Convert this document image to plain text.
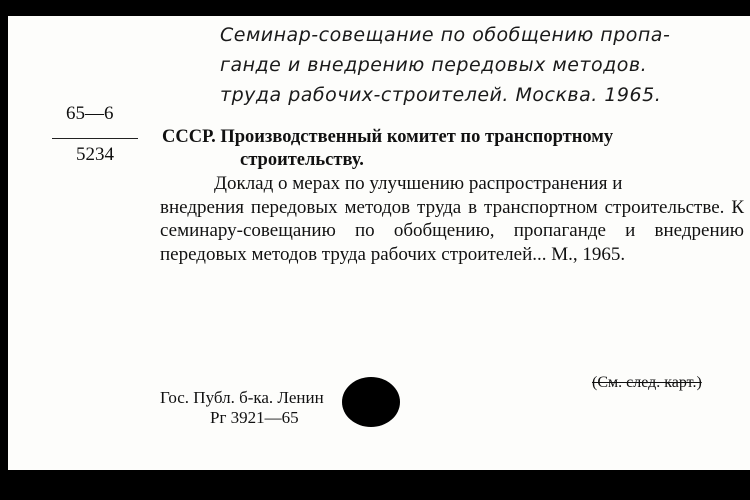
Семинар-совещание по обобщению пропа-
ганде и внедрению передовых методов.
труда рабочих-строителей. Москва. 1965.
65—6
5234
СССР. Производственный комитет по транспортному
строительству.
Доклад о мерах по улучшению распространения и
внедрения передовых методов труда в транспортном строительстве. К семинару-совещанию по обобщению, пропаганде и внедрению передовых методов труда рабочих строителей... М., 1965.
Гос. Публ. б-ка. Ленин
Рг 3921—65
(См. след. карт.)
